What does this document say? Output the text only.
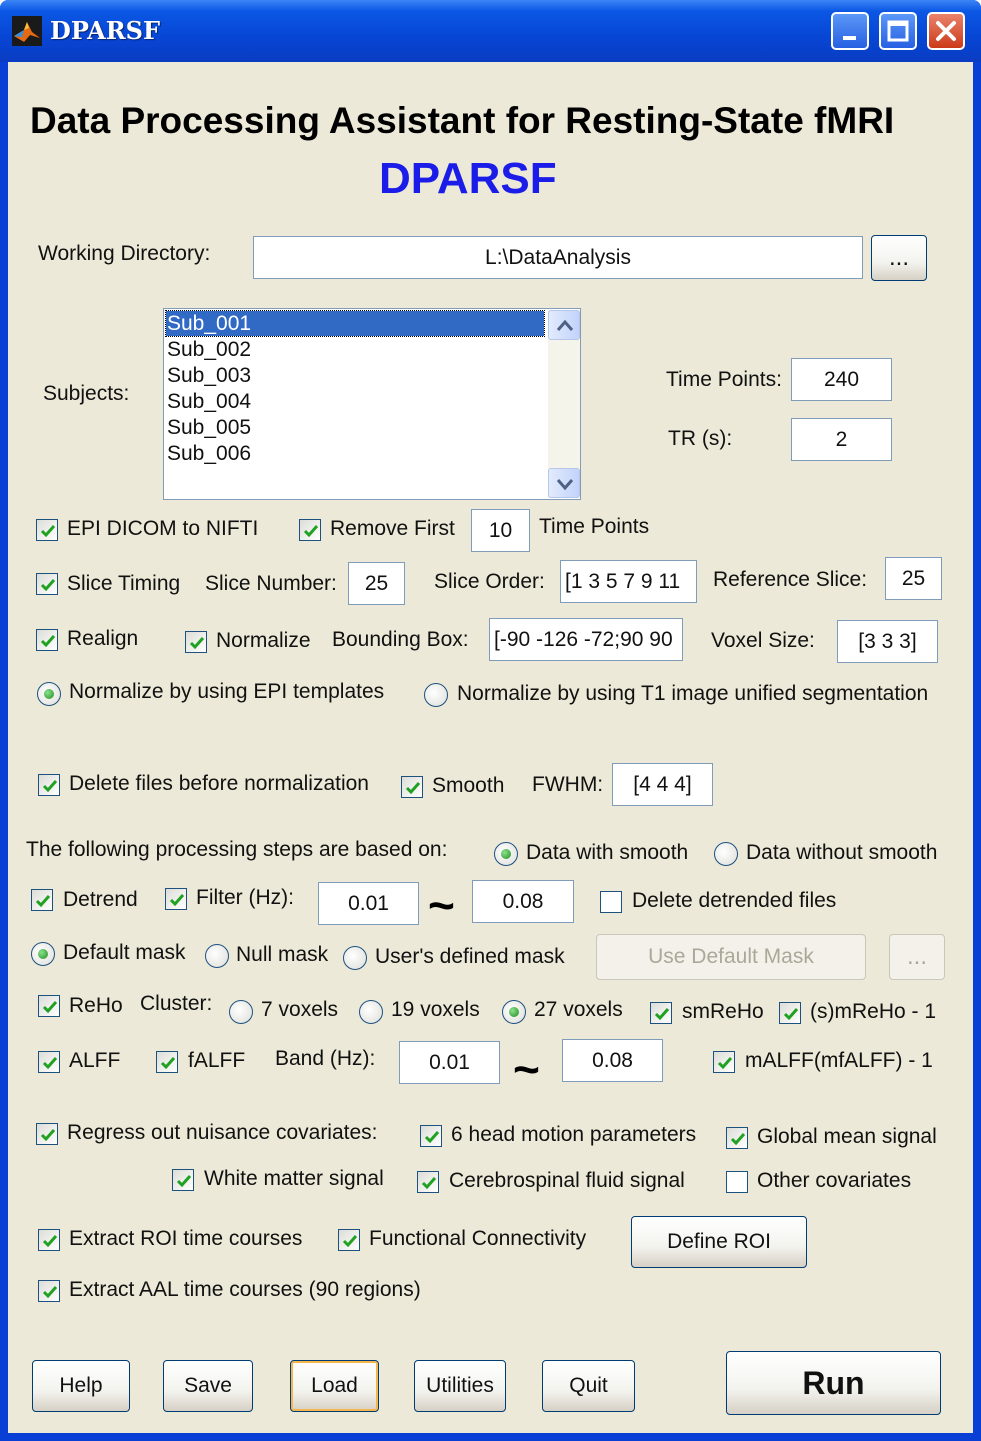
DPARSF
Data Processing Assistant for Resting-State fMRI
DPARSF
Working Directory:	L:\DataAnalysis	...
Subjects:
Sub_001
Sub_002
Sub_003
Sub_004
Sub_005
Sub_006
Time Points:	240
TR (s):	2
EPI DICOM to NIFTI	Remove First	10	Time Points
Slice Timing Slice Number:	25	Slice Order: [1 3 5 7 9 11	Reference Slice:	25
Realign	Normalize Bounding Box: [-90 -126 -72;90 90	Voxel Size:	[3 3 3]
Normalize by using EPI templates	Normalize by using T1 image unified segmentation
Delete files before normalization	Smooth FWHM:	[4 4 4]
The following processing steps are based on:	Data with smooth	Data without smooth
Detrend	Filter (Hz):	0.01 ~	0.08	Delete detrended files
Default mask Null mask User's defined mask	Use Default Mask	...
ReHo Cluster: 7 voxels	19 voxels	27 voxels	smReHo (s)mReHo - 1
ALFF	fALFF Band (Hz):	0.01 ~	0.08	mALFF(mfALFF) - 1
Regress out nuisance covariates:	6 head motion parameters	Global mean signal
White matter signal	Cerebrospinal fluid signal	Other covariates
Extract ROI time courses	Functional Connectivity	Define ROI
Extract AAL time courses (90 regions)
Help	Save	Load	Utilities	Quit	Run
